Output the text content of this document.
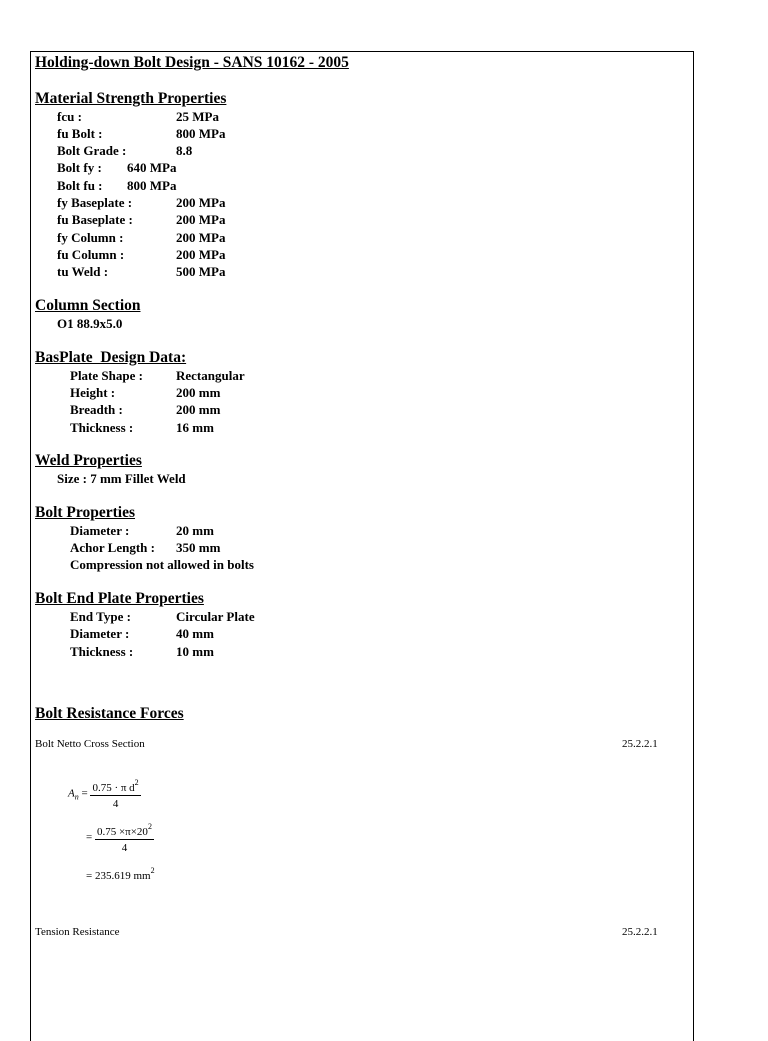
Holding-down Bolt Design - SANS 10162 - 2005
Material Strength Properties
fcu :	25 MPa
fu Bolt :	800 MPa
Bolt Grade :	8.8
Bolt fy : 640 MPa
Bolt fu : 800 MPa
fy Baseplate :	200 MPa
fu Baseplate :	200 MPa
fy Column :	200 MPa
fu Column :	200 MPa
tu Weld :	500 MPa
Column Section
O1 88.9x5.0
BasPlate  Design Data:
Plate Shape :	Rectangular
Height :	200 mm
Breadth :	200 mm
Thickness :	16 mm
Weld Properties
Size : 7 mm Fillet Weld
Bolt Properties
Diameter :	20 mm
Achor Length : 350 mm
Compression not allowed in bolts
Bolt End Plate Properties
End Type :	Circular Plate
Diameter :	40 mm
Thickness :	10 mm
Bolt Resistance Forces
Bolt Netto Cross Section	25.2.2.1
$A_n = \frac{0.75 \cdot \pi d^2}{4}$
= $\frac{0.75 \times\pi\times 20^2}{4}$
= 235.619 $mm^2$
Tension Resistance	25.2.2.1
